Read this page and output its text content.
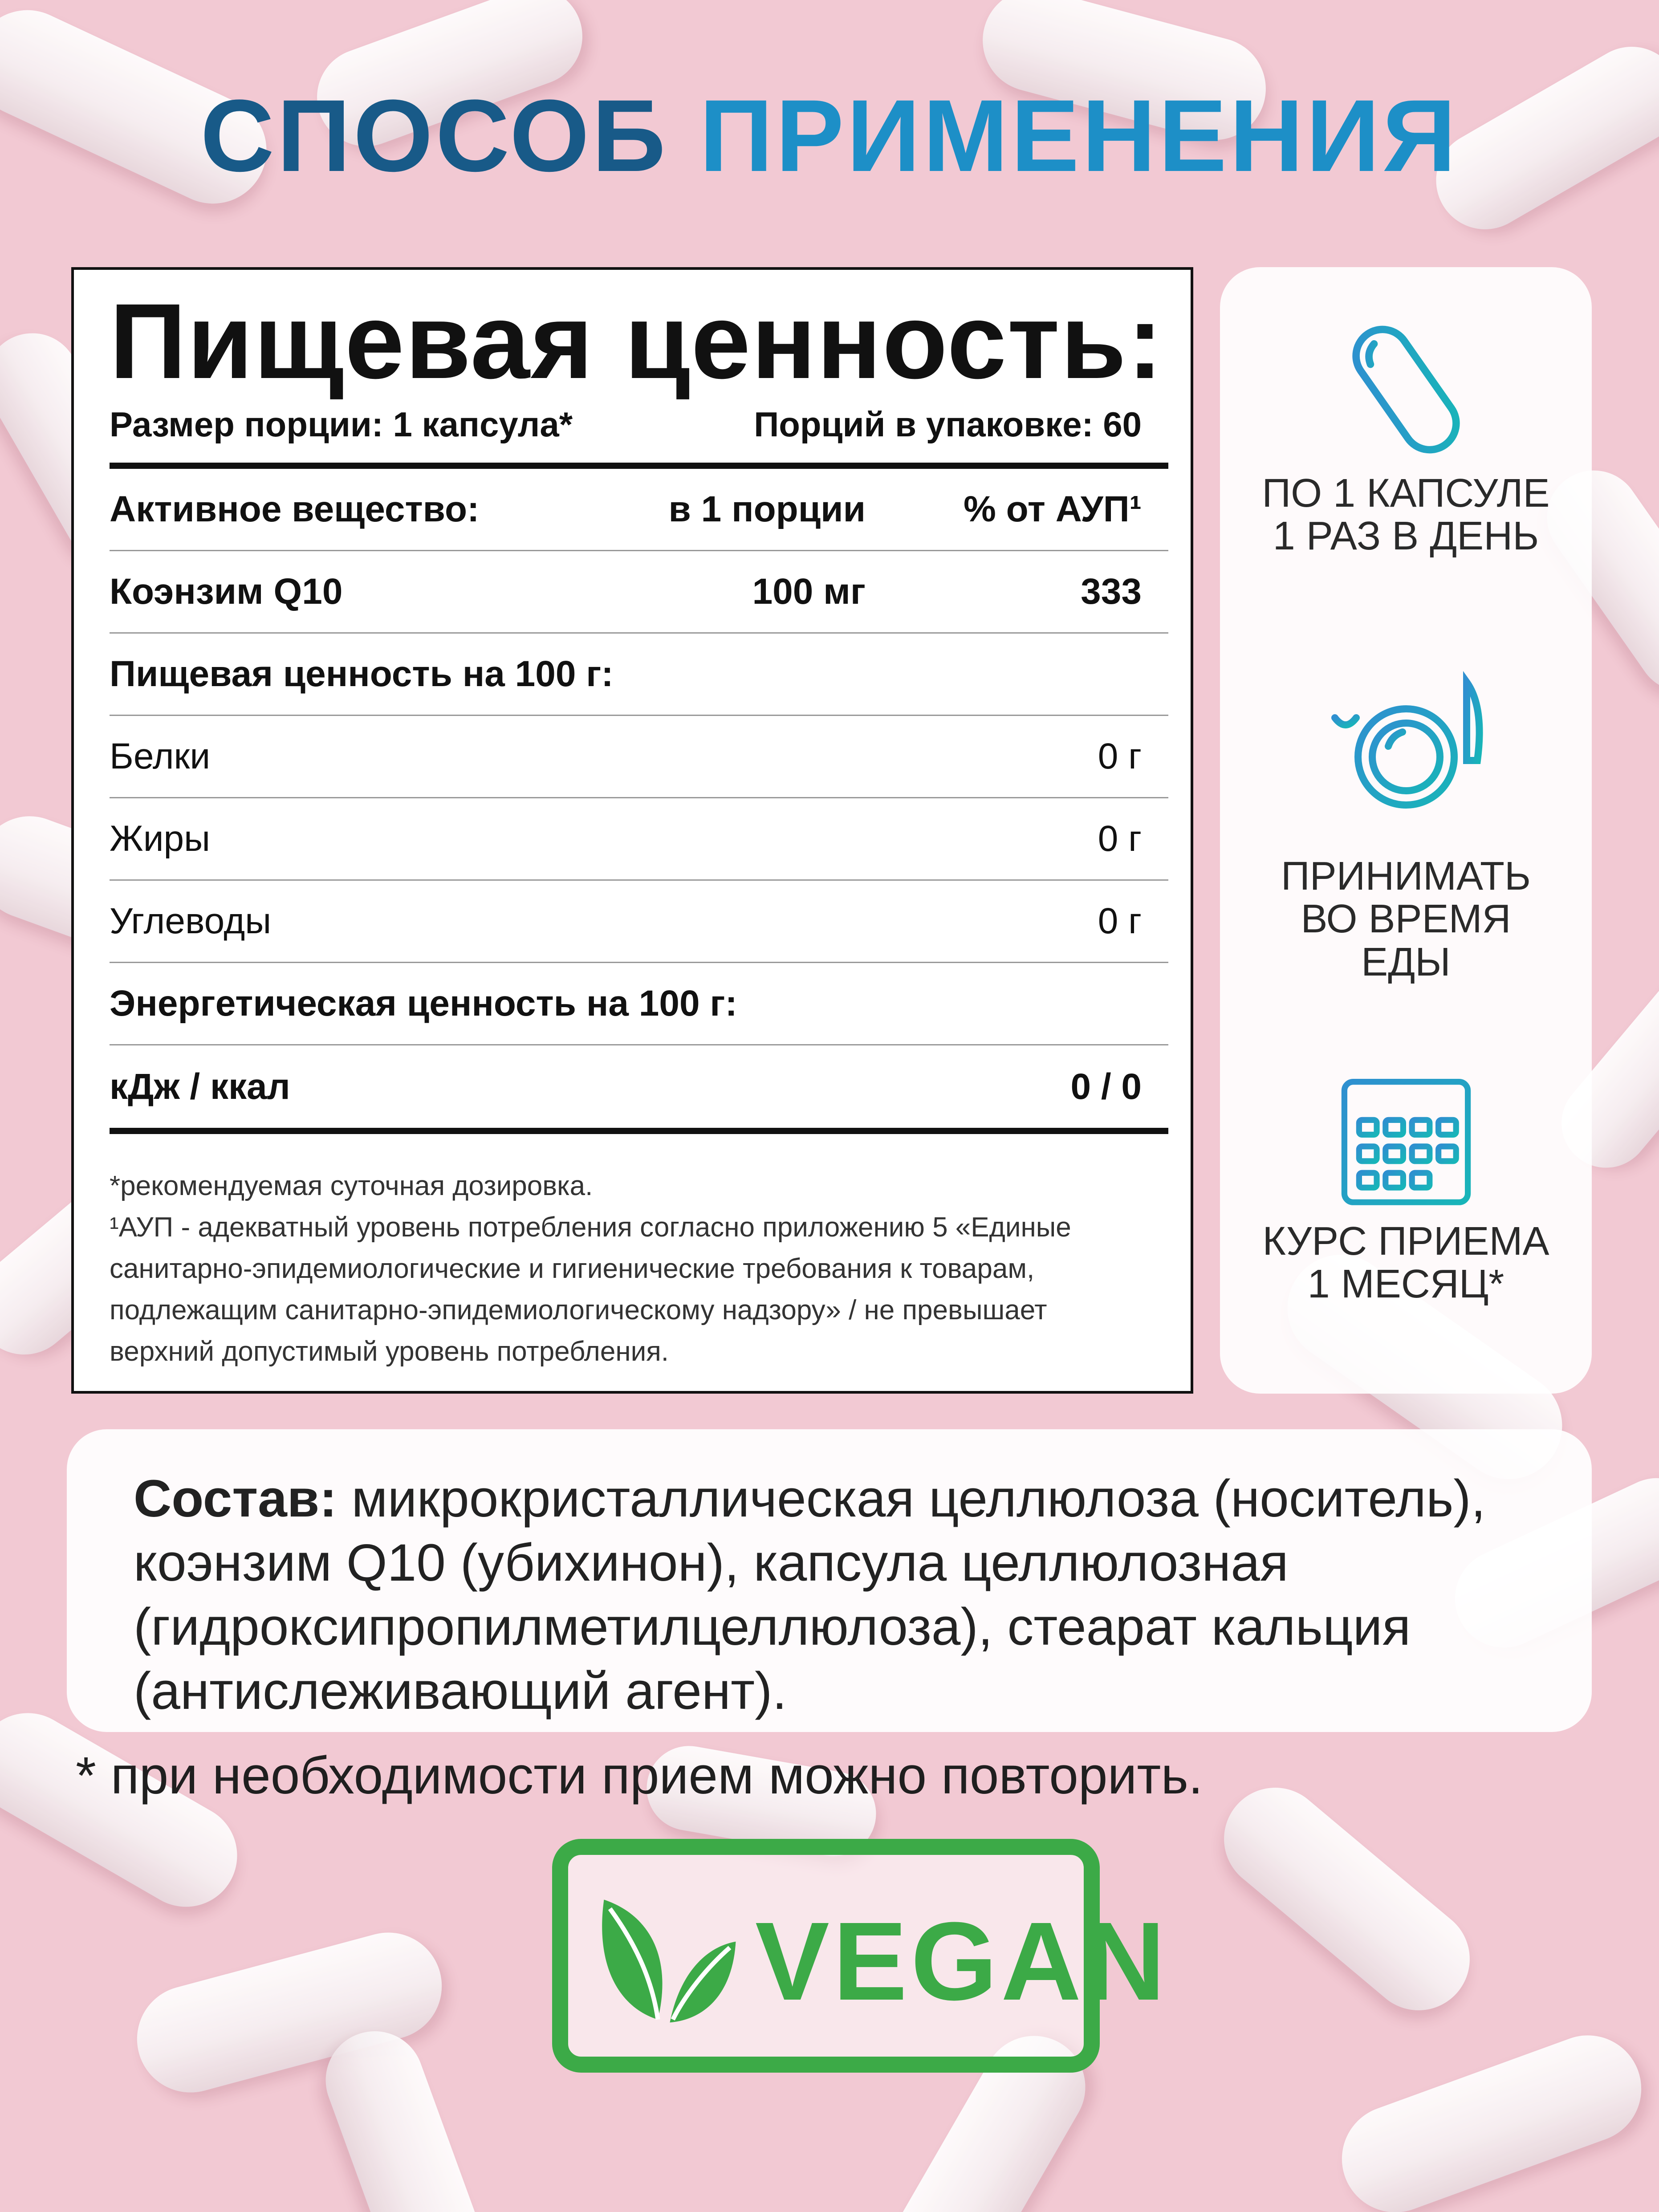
СПОСОБ ПРИМЕНЕНИЯ
Пищевая ценность:
Размер порции: 1 капсула*	Порций в упаковке: 60
Активное вещество:	в 1 порции	% от АУП¹
Коэнзим Q10	100 мг	333
Пищевая ценность на 100 г:
Белки	0 г
Жиры	0 г
Углеводы	0 г
Энергетическая ценность на 100 г:
кДж / ккал	0 / 0
*рекомендуемая суточная дозировка.
¹АУП - адекватный уровень потребления согласно приложению 5 «Единые
санитарно-эпидемиологические и гигиенические требования к товарам,
подлежащим санитарно-эпидемиологическому надзору» / не превышает
верхний допустимый уровень потребления.
ПО 1 КАПСУЛЕ
1 РАЗ В ДЕНЬ
ПРИНИМАТЬ
ВО ВРЕМЯ
ЕДЫ
КУРС ПРИЕМА
1 МЕСЯЦ*
Состав: микрокристаллическая целлюлоза (носитель), коэнзим Q10 (убихинон), капсула целлюлозная (гидроксипропилметилцеллюлоза), стеарат кальция (антислеживающий агент).
* при необходимости прием можно повторить.
VEGAN
